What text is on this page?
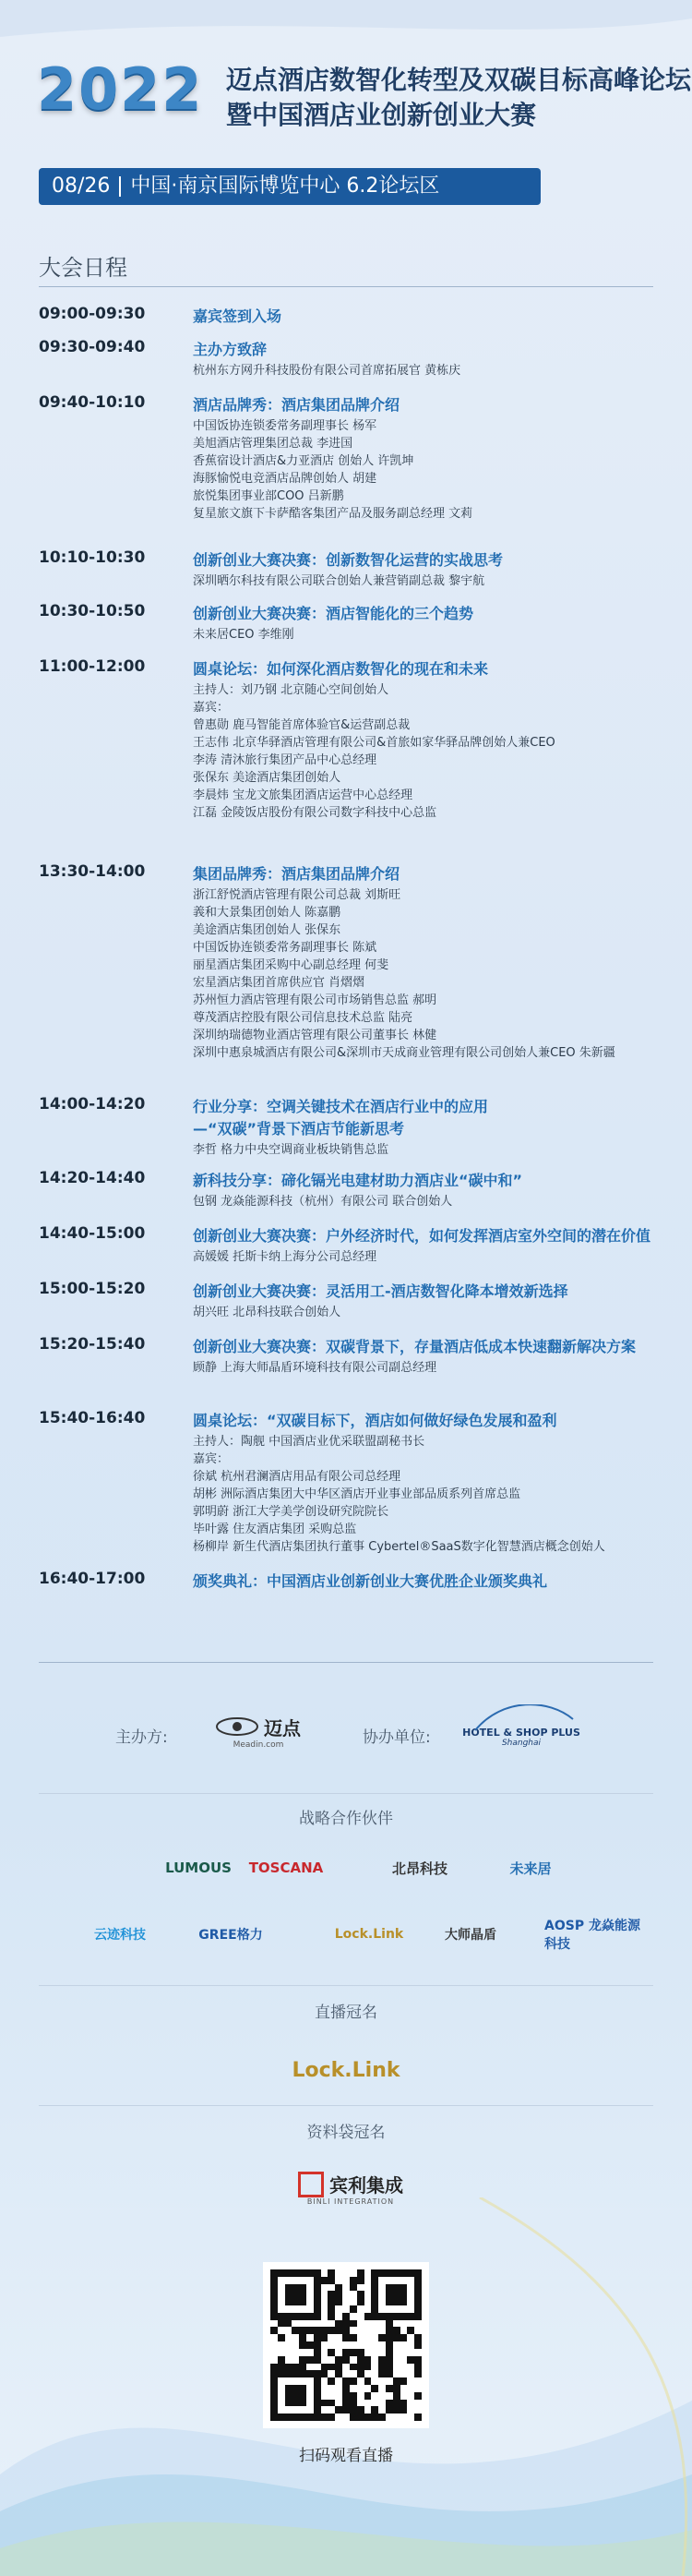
2022 迈点酒店数智化转型及双碳目标高峰论坛
暨中国酒店业创新创业大赛
08/26 中国·南京国际博览中心 6.2论坛区
大会日程
09:00-09:30	嘉宾签到入场
09:30-09:40	主办方致辞
杭州东方网升科技股份有限公司首席拓展官 黄栋庆
09:40-10:10	酒店品牌秀：酒店集团品牌介绍
中国饭协连锁委常务副理事长 杨军
美旭酒店管理集团总裁 李进国
香蕉宿设计酒店&力亚酒店 创始人 许凯坤
海豚愉悦电竞酒店品牌创始人 胡建
旅悦集团事业部COO 吕新鹏
复星旅文旗下卡萨酷客集团产品及服务副总经理 文莉
10:10-10:30	创新创业大赛决赛：创新数智化运营的实战思考
深圳晒尔科技有限公司联合创始人兼营销副总裁 黎宇航
10:30-10:50	创新创业大赛决赛：酒店智能化的三个趋势
未来居CEO 李维刚
11:00-12:00	圆桌论坛：如何深化酒店数智化的现在和未来
主持人：刘乃钢 北京随心空间创始人
嘉宾：
曾惠勋 鹿马智能首席体验官&运营副总裁
王志伟 北京华驿酒店管理有限公司&首旅如家华驿品牌创始人兼CEO
李涛 清沐旅行集团产品中心总经理
张保东 美途酒店集团创始人
李晨炜 宝龙文旅集团酒店运营中心总经理
江磊 金陵饭店股份有限公司数字科技中心总监
13:30-14:00	集团品牌秀：酒店集团品牌介绍
浙江舒悦酒店管理有限公司总裁 刘斯旺
義和大景集团创始人 陈嘉鹏
美途酒店集团创始人 张保东
中国饭协连锁委常务副理事长 陈斌
丽星酒店集团采购中心副总经理 何斐
宏星酒店集团首席供应官 肖熠熠
苏州恒力酒店管理有限公司市场销售总监 郝明
尊茂酒店控股有限公司信息技术总监 陆亮
深圳纳瑞德物业酒店管理有限公司董事长 林健
深圳中惠泉城酒店有限公司&深圳市天成商业管理有限公司创始人兼CEO 朱新疆
14:00-14:20	行业分享：空调关键技术在酒店行业中的应用
—“双碳”背景下酒店节能新思考
李哲 格力中央空调商业板块销售总监
14:20-14:40	新科技分享：碲化镉光电建材助力酒店业“碳中和”
包钢 龙焱能源科技（杭州）有限公司 联合创始人
14:40-15:00	创新创业大赛决赛：户外经济时代，如何发挥酒店室外空间的潜在价值
高媛媛 托斯卡纳上海分公司总经理
15:00-15:20	创新创业大赛决赛：灵活用工-酒店数智化降本增效新选择
胡兴旺 北昂科技联合创始人
15:20-15:40	创新创业大赛决赛：双碳背景下，存量酒店低成本快速翻新解决方案
顾静 上海大师晶盾环境科技有限公司副总经理
15:40-16:40	圆桌论坛：“双碳目标下，酒店如何做好绿色发展和盈利
主持人：陶舰 中国酒店业优采联盟副秘书长
嘉宾：
徐斌 杭州君澜酒店用品有限公司总经理
胡彬 洲际酒店集团大中华区酒店开业事业部品质系列首席总监
郭明蔚 浙江大学美学创设研究院院长
毕叶露 住友酒店集团 采购总监
杨柳岸 新生代酒店集团执行董事 Cybertel®SaaS数字化智慧酒店概念创始人
16:40-17:00	颁奖典礼：中国酒店业创新创业大赛优胜企业颁奖典礼
主办方:	迈点
Meadin.com	协办单位:	HOTEL & SHOP PLUS
Shanghai
战略合作伙伴
LUMOUS	TOSCANA	北昂科技	未来居
云迹科技	GREE格力	Lock.Link	大师晶盾
AOSP 龙焱能源科技
直播冠名
Lock.Link
资料袋冠名
宾利集成
BINLI INTEGRATION
扫码观看直播
